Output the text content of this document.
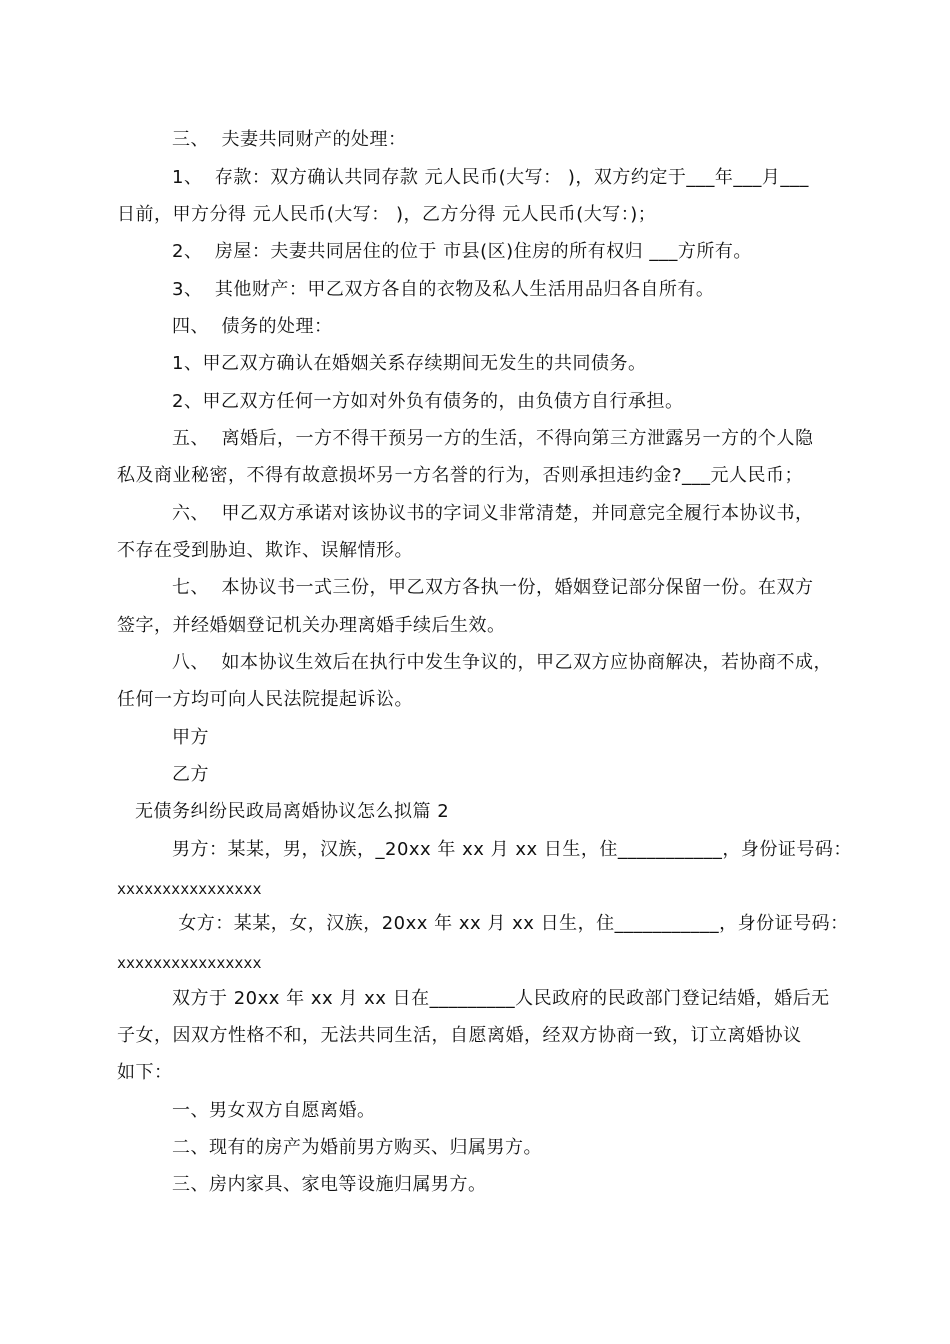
三、  夫妻共同财产的处理：
1、  存款：双方确认共同存款 元人民币(大写： )，双方约定于___年___月___
日前，甲方分得 元人民币(大写： )，乙方分得 元人民币(大写：)；
2、  房屋：夫妻共同居住的位于 市县(区)住房的所有权归 ___方所有。
3、  其他财产：甲乙双方各自的衣物及私人生活用品归各自所有。
四、  债务的处理：
1、甲乙双方确认在婚姻关系存续期间无发生的共同债务。
2、甲乙双方任何一方如对外负有债务的，由负债方自行承担。
五、  离婚后，一方不得干预另一方的生活，不得向第三方泄露另一方的个人隐
私及商业秘密，不得有故意损坏另一方名誉的行为，否则承担违约金?___元人民币；
六、  甲乙双方承诺对该协议书的字词义非常清楚，并同意完全履行本协议书，
不存在受到胁迫、欺诈、误解情形。
七、  本协议书一式三份，甲乙双方各执一份，婚姻登记部分保留一份。在双方
签字，并经婚姻登记机关办理离婚手续后生效。
八、  如本协议生效后在执行中发生争议的，甲乙双方应协商解决，若协商不成，
任何一方均可向人民法院提起诉讼。
甲方
乙方
无债务纠纷民政局离婚协议怎么拟篇 2
男方：某某，男，汉族，_20xx 年 xx 月 xx 日生，住___________，身份证号码：
xxxxxxxxxxxxxxxx
女方：某某，女，汉族，20xx 年 xx 月 xx 日生，住___________，身份证号码：
xxxxxxxxxxxxxxxx
双方于 20xx 年 xx 月 xx 日在_________人民政府的民政部门登记结婚，婚后无
子女，因双方性格不和，无法共同生活，自愿离婚，经双方协商一致，订立离婚协议
如下：
一、男女双方自愿离婚。
二、现有的房产为婚前男方购买、归属男方。
三、房内家具、家电等设施归属男方。
